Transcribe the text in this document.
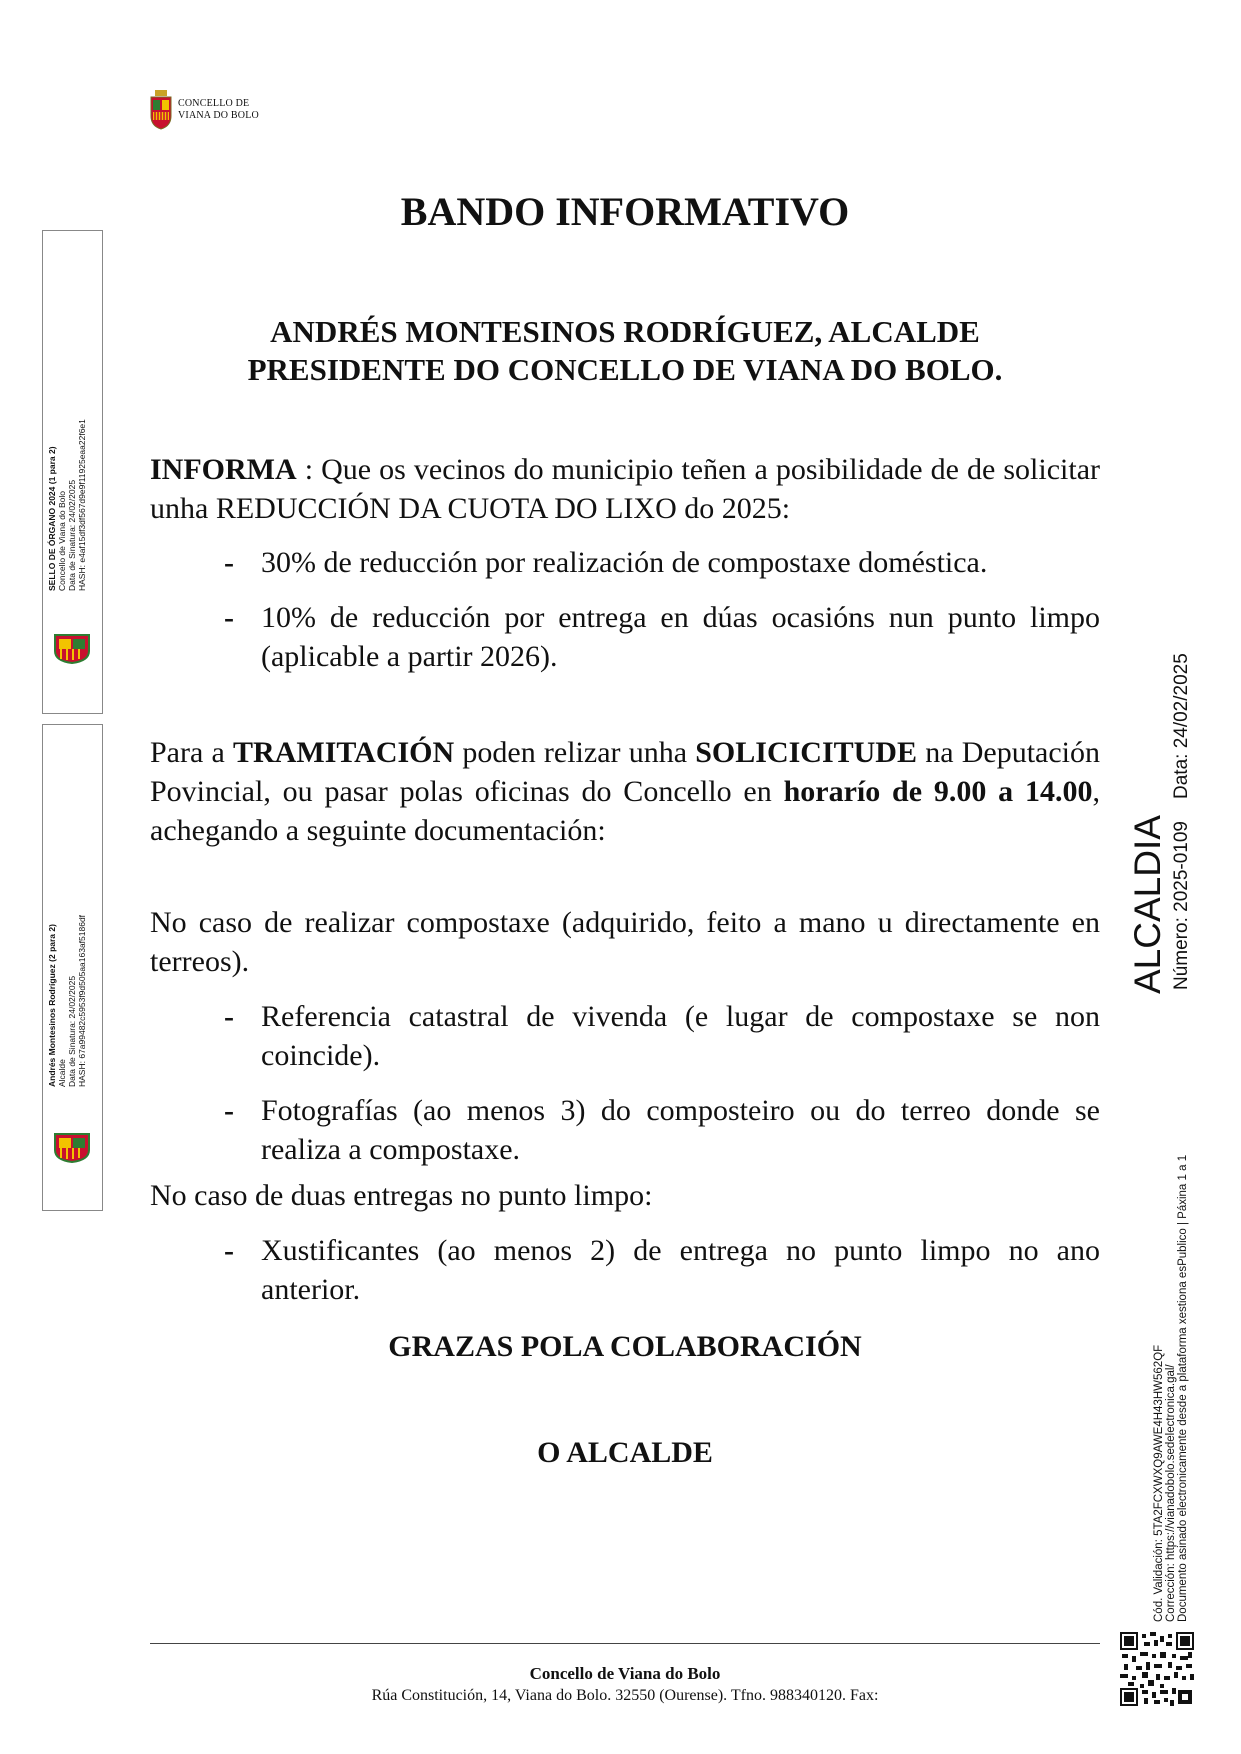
CONCELLO DE
VIANA DO BOLO
BANDO INFORMATIVO
ANDRÉS MONTESINOS RODRÍGUEZ, ALCALDE
PRESIDENTE DO CONCELLO DE VIANA DO BOLO.

INFORMA : Que os vecinos do municipio teñen a posibilidade de de solicitar unha REDUCCIÓN DA CUOTA DO LIXO do 2025:

- 30% de reducción por realización de compostaxe doméstica.
- 10% de reducción por entrega en dúas ocasións nun punto limpo (aplicable a partir 2026).
Para a TRAMITACIÓN poden relizar unha SOLICICITUDE na Deputación Povincial, ou pasar polas oficinas do Concello en horarío de 9.00 a 14.00, achegando a seguinte documentación:

No caso de realizar compostaxe (adquirido, feito a mano u directamente en terreos).

- Referencia catastral de vivenda (e lugar de compostaxe se non coincide).
- Fotografías (ao menos 3) do composteiro ou do terreo donde se realiza a compostaxe.

No caso de duas entregas no punto limpo:

- Xustificantes (ao menos 2) de entrega no punto limpo no ano anterior.
GRAZAS POLA COLABORACIÓN
O ALCALDE
Concello de Viana do Bolo
Rúa Constitución, 14, Viana do Bolo. 32550 (Ourense). Tfno. 988340120. Fax:
SELLO DE ÓRGANO 2024 (1 para 2) Concello de Viana do Bolo Data de Sinatura: 24/02/2025 HASH: e4af15df3df567d9e9f11925eaa22f6e1
Andrés Montesinos Rodríguez (2 para 2) Alcalde Data de Sinatura: 24/02/2025 HASH: 67a99482c5953f9d505aa163af5186df
ALCALDIA Número: 2025-0109Data: 24/02/2025
Cód. Validación: 5TA2FCXWXQ9AWE4H43HW562QF Corrección: https://vianadobolo.sedelectronica.gal/ Documento asinado electronicamente desde a plataforma xestiona esPublico | Páxina 1 a 1
